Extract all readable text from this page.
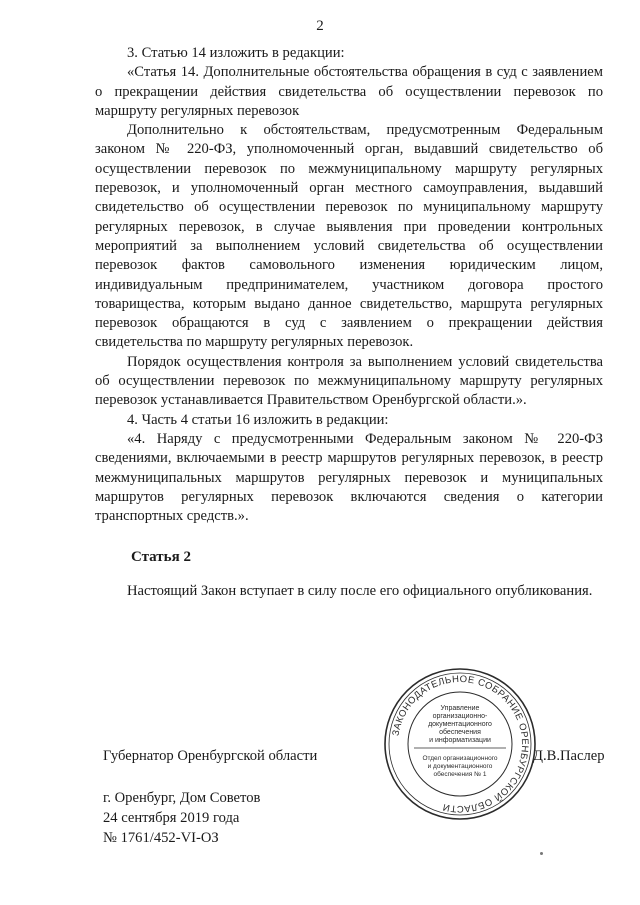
2

3. Статью 14 изложить в редакции:

«Статья 14. Дополнительные обстоятельства обращения в суд с заявлением о прекращении действия свидетельства об осуществлении перевозок по маршруту регулярных перевозок

Дополнительно к обстоятельствам, предусмотренным Федеральным законом № 220-ФЗ, уполномоченный орган, выдавший свидетельство об осуществлении перевозок по межмуниципальному маршруту регулярных перевозок, и уполномоченный орган местного самоуправления, выдавший свидетельство об осуществлении перевозок по муниципальному маршруту регулярных перевозок, в случае выявления при проведении контрольных мероприятий за выполнением условий свидетельства об осуществлении перевозок фактов самовольного изменения юридическим лицом, индивидуальным предпринимателем, участником договора простого товарищества, которым выдано данное свидетельство, маршрута регулярных перевозок обращаются в суд с заявлением о прекращении действия свидетельства по маршруту регулярных перевозок.

Порядок осуществления контроля за выполнением условий свидетельства об осуществлении перевозок по межмуниципальному маршруту регулярных перевозок устанавливается Правительством Оренбургской области.».

4. Часть 4 статьи 16 изложить в редакции:

«4. Наряду с предусмотренными Федеральным законом № 220-ФЗ сведениями, включаемыми в реестр маршрутов регулярных перевозок, в реестр межмуниципальных маршрутов регулярных перевозок и муниципальных маршрутов регулярных перевозок включаются сведения о категории транспортных средств.».

Статья 2

Настоящий Закон вступает в силу после его официального опубликования.

Губернатор Оренбургской области	Д.В.Паслер
г. Оренбург, Дом Советов
24 сентября 2019 года
№ 1761/452-VI-ОЗ
ЗАКОНОДАТЕЛЬНОЕ СОБРАНИЕ ОРЕНБУРГСКОЙ ОБЛАСТИ
Управление
организационно-
документационного
обеспечения
и информатизации
Отдел организационного
и документационного
обеспечения № 1
